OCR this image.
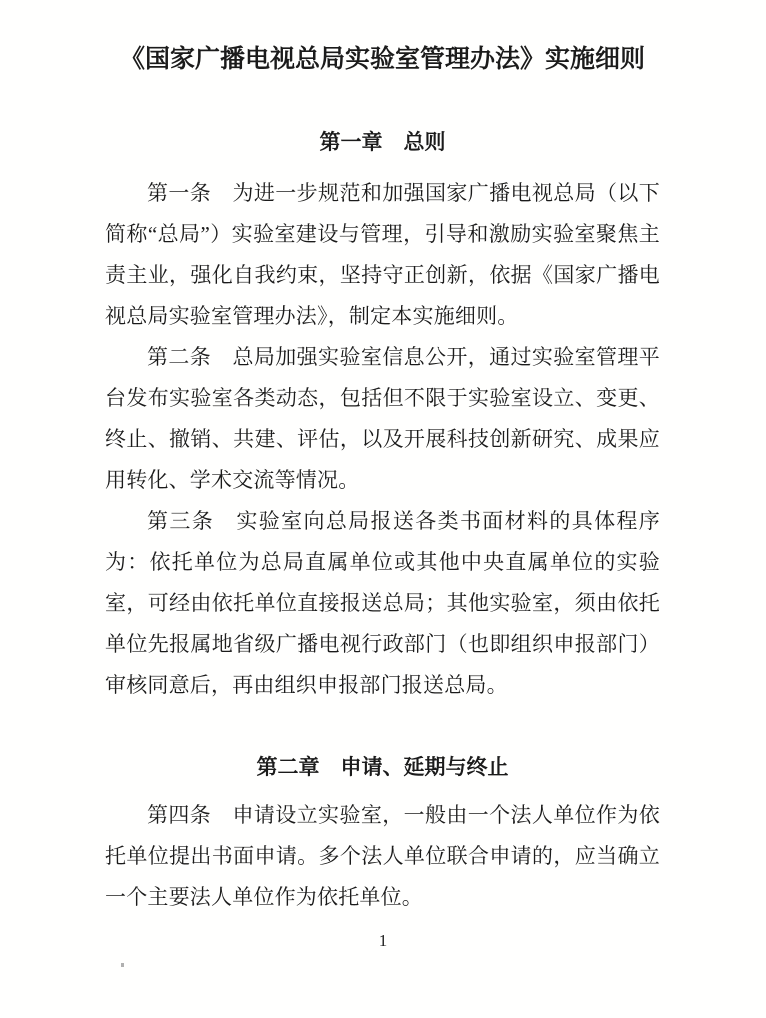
《国家广播电视总局实验室管理办法》实施细则
第一章　总则

第一条　为进一步规范和加强国家广播电视总局（以下简称“总局”）实验室建设与管理，引导和激励实验室聚焦主责主业，强化自我约束，坚持守正创新，依据《国家广播电视总局实验室管理办法》，制定本实施细则。

第二条　总局加强实验室信息公开，通过实验室管理平台发布实验室各类动态，包括但不限于实验室设立、变更、终止、撤销、共建、评估，以及开展科技创新研究、成果应用转化、学术交流等情况。

第三条　实验室向总局报送各类书面材料的具体程序为：依托单位为总局直属单位或其他中央直属单位的实验室，可经由依托单位直接报送总局；其他实验室，须由依托单位先报属地省级广播电视行政部门（也即组织申报部门）审核同意后，再由组织申报部门报送总局。

第二章　申请、延期与终止

第四条　申请设立实验室，一般由一个法人单位作为依托单位提出书面申请。多个法人单位联合申请的，应当确立一个主要法人单位作为依托单位。

1
